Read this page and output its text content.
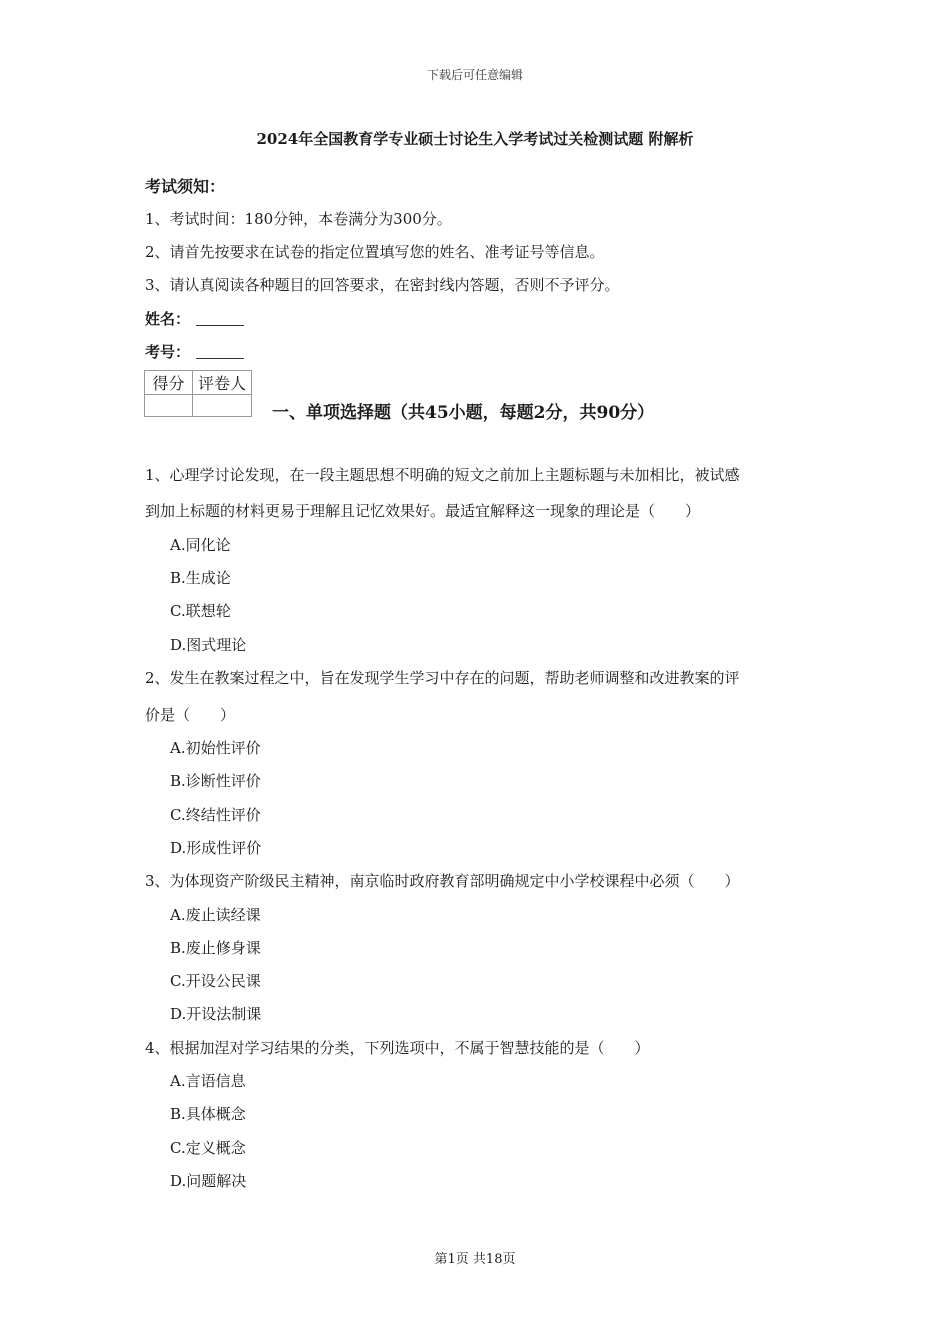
下载后可任意编辑
2024年全国教育学专业硕士讨论生入学考试过关检测试题 附解析
考试须知：
1、考试时间：180分钟，本卷满分为300分。
2、请首先按要求在试卷的指定位置填写您的姓名、准考证号等信息。
3、请认真阅读各种题目的回答要求，在密封线内答题，否则不予评分。
姓名：
考号：
得分	评卷人

一、单项选择题（共45小题，每题2分，共90分）
1、心理学讨论发现，在一段主题思想不明确的短文之前加上主题标题与未加相比，被试感
到加上标题的材料更易于理解且记忆效果好。最适宜解释这一现象的理论是（　　）
A.同化论
B.生成论
C.联想轮
D.图式理论
2、发生在教案过程之中，旨在发现学生学习中存在的问题，帮助老师调整和改进教案的评
价是（　　）
A.初始性评价
B.诊断性评价
C.终结性评价
D.形成性评价
3、为体现资产阶级民主精神，南京临时政府教育部明确规定中小学校课程中必须（　　）
A.废止读经课
B.废止修身课
C.开设公民课
D.开设法制课
4、根据加涅对学习结果的分类，下列选项中，不属于智慧技能的是（　　）
A.言语信息
B.具体概念
C.定义概念
D.问题解决
第1页 共18页
